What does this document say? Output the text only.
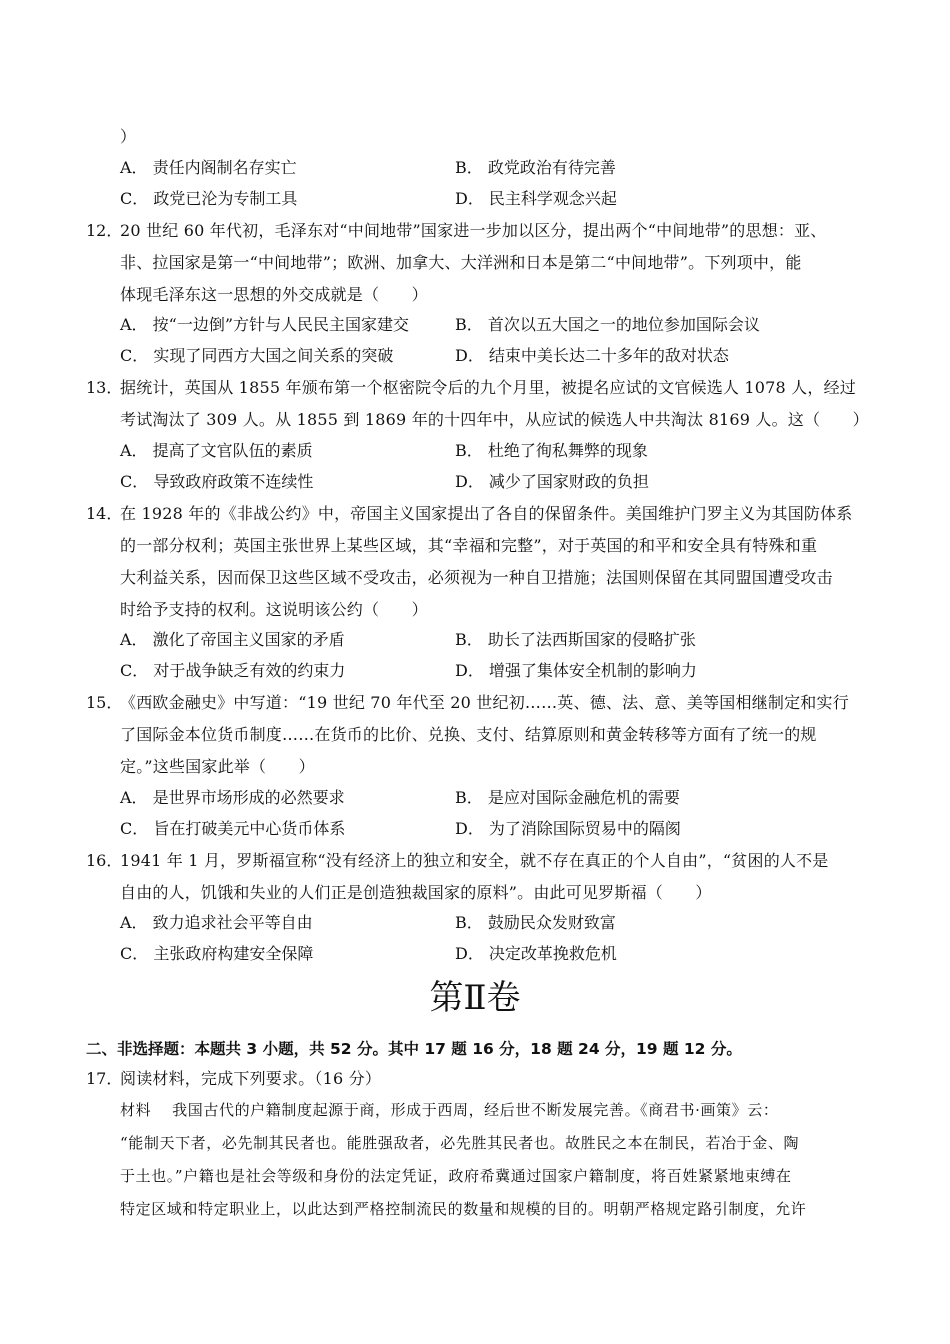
）
A． 责任内阁制名存实亡	B． 政党政治有待完善
C． 政党已沦为专制工具	D． 民主科学观念兴起
12．
20 世纪 60 年代初，毛泽东对“中间地带”国家进一步加以区分，提出两个“中间地带”的思想：亚、
非、拉国家是第一“中间地带”；欧洲、加拿大、大洋洲和日本是第二“中间地带”。下列项中，能
体现毛泽东这一思想的外交成就是（　　）
A． 按“一边倒”方针与人民民主国家建交	B． 首次以五大国之一的地位参加国际会议
C． 实现了同西方大国之间关系的突破	D． 结束中美长达二十多年的敌对状态
13．
据统计，英国从 1855 年颁布第一个枢密院令后的九个月里，被提名应试的文官候选人 1078 人，经过
考试淘汰了 309 人。从 1855 到 1869 年的十四年中，从应试的候选人中共淘汰 8169 人。这（　　）
A． 提高了文官队伍的素质	B． 杜绝了徇私舞弊的现象
C． 导致政府政策不连续性	D． 减少了国家财政的负担
14．
在 1928 年的《非战公约》中，帝国主义国家提出了各自的保留条件。美国维护门罗主义为其国防体系
的一部分权利；英国主张世界上某些区域，其“幸福和完整”，对于英国的和平和安全具有特殊和重
大利益关系，因而保卫这些区域不受攻击，必须视为一种自卫措施；法国则保留在其同盟国遭受攻击
时给予支持的权利。这说明该公约（　　）
A． 激化了帝国主义国家的矛盾	B． 助长了法西斯国家的侵略扩张
C． 对于战争缺乏有效的约束力	D． 增强了集体安全机制的影响力
15．
《西欧金融史》中写道：“19 世纪 70 年代至 20 世纪初……英、德、法、意、美等国相继制定和实行
了国际金本位货币制度……在货币的比价、兑换、支付、结算原则和黄金转移等方面有了统一的规
定。”这些国家此举（　　）
A． 是世界市场形成的必然要求	B． 是应对国际金融危机的需要
C． 旨在打破美元中心货币体系	D． 为了消除国际贸易中的隔阂
16．
1941 年 1 月，罗斯福宣称“没有经济上的独立和安全，就不存在真正的个人自由”，“贫困的人不是
自由的人，饥饿和失业的人们正是创造独裁国家的原料”。由此可见罗斯福（　　）
A． 致力追求社会平等自由	B． 鼓励民众发财致富
C． 主张政府构建安全保障	D． 决定改革挽救危机
第Ⅱ卷
二、非选择题：本题共 3 小题，共 52 分。其中 17 题 16 分，18 题 24 分，19 题 12 分。
17．
阅读材料，完成下列要求。（16 分）
材料　 我国古代的户籍制度起源于商，形成于西周，经后世不断发展完善。《商君书·画策》云：
“能制天下者，必先制其民者也。能胜强敌者，必先胜其民者也。故胜民之本在制民，若冶于金、陶
于土也。”户籍也是社会等级和身份的法定凭证，政府希冀通过国家户籍制度，将百姓紧紧地束缚在
特定区域和特定职业上，以此达到严格控制流民的数量和规模的目的。明朝严格规定路引制度，允许
